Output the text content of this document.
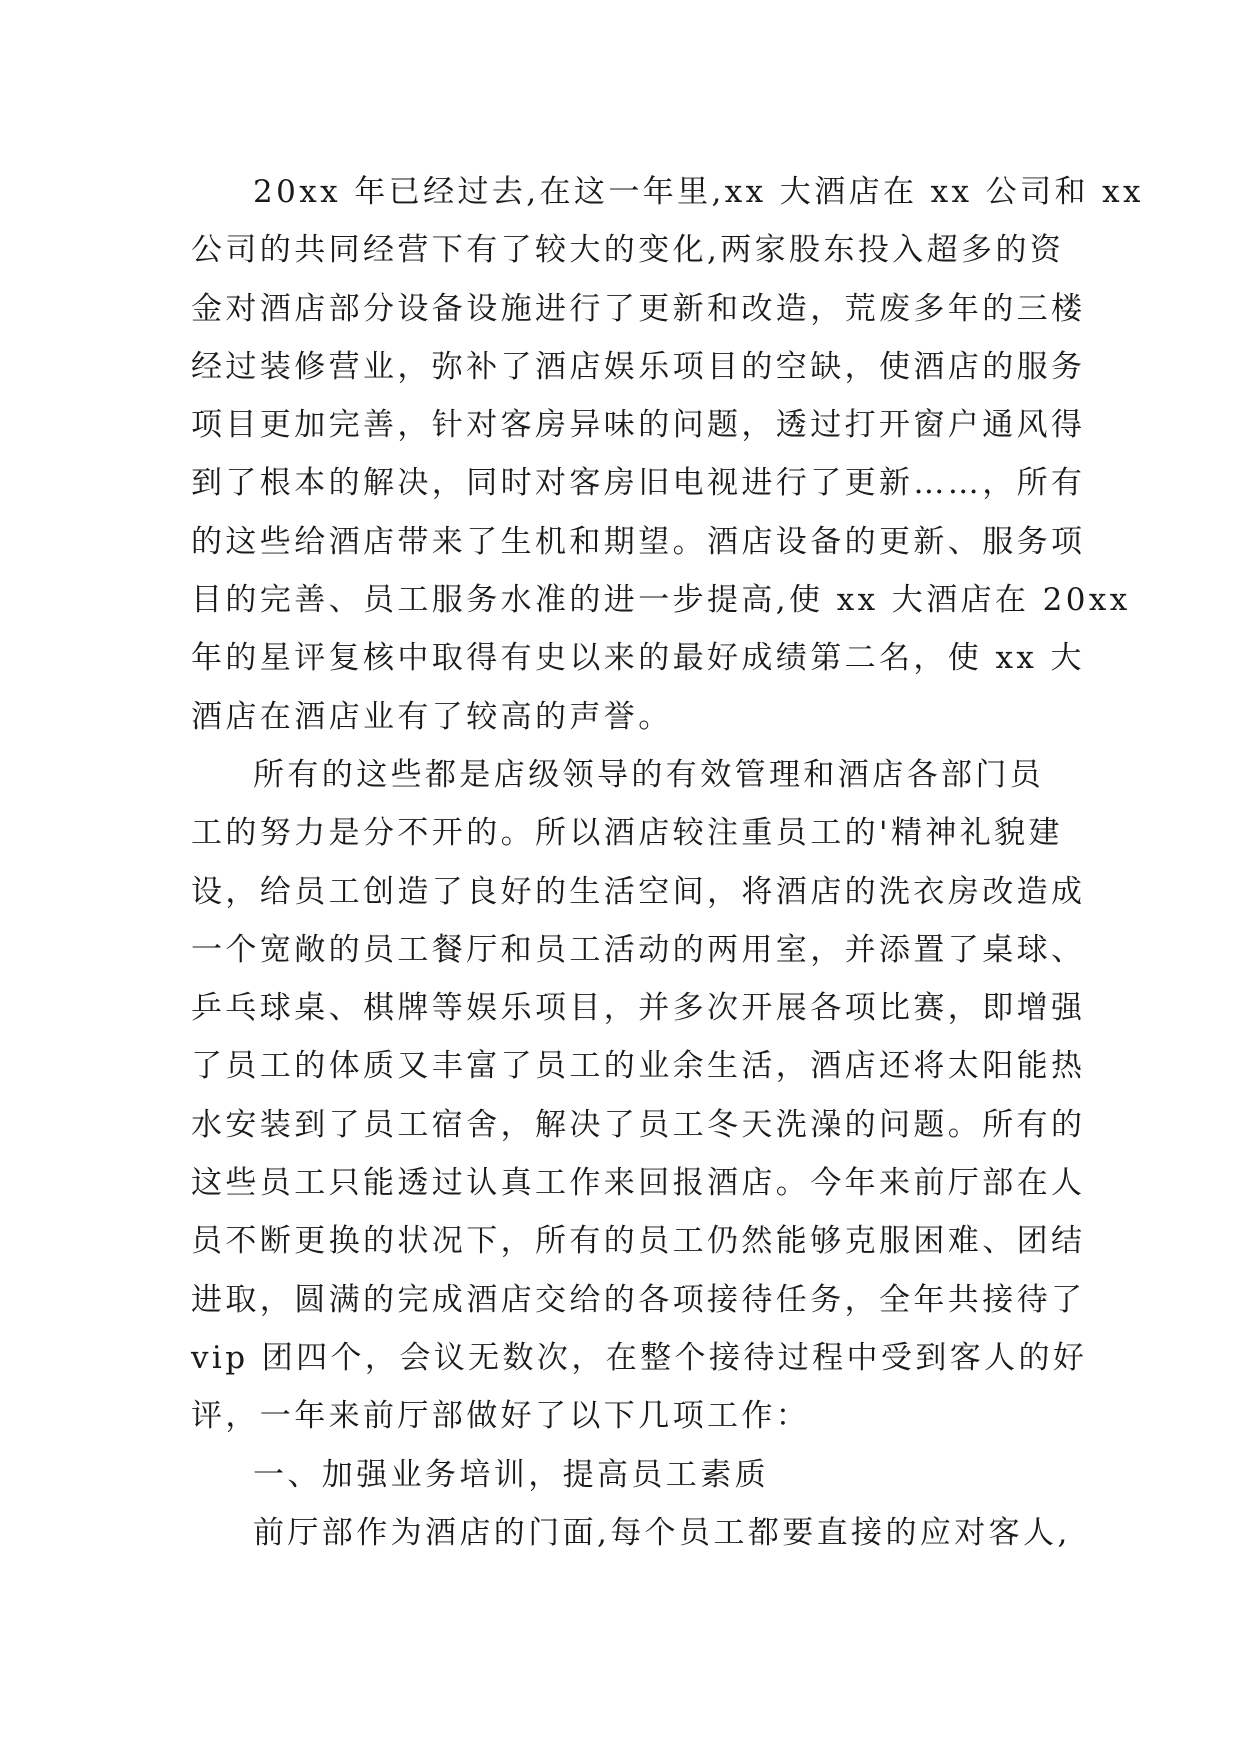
20xx 年已经过去,在这一年里,xx 大酒店在 xx 公司和 xx
公司的共同经营下有了较大的变化,两家股东投入超多的资
金对酒店部分设备设施进行了更新和改造，荒废多年的三楼
经过装修营业，弥补了酒店娱乐项目的空缺，使酒店的服务
项目更加完善，针对客房异味的问题，透过打开窗户通风得
到了根本的解决，同时对客房旧电视进行了更新……，所有
的这些给酒店带来了生机和期望。酒店设备的更新、服务项
目的完善、员工服务水准的进一步提高,使 xx 大酒店在 20xx
年的星评复核中取得有史以来的最好成绩第二名，使 xx 大
酒店在酒店业有了较高的声誉。
所有的这些都是店级领导的有效管理和酒店各部门员
工的努力是分不开的。所以酒店较注重员工的'精神礼貌建
设，给员工创造了良好的生活空间，将酒店的洗衣房改造成
一个宽敞的员工餐厅和员工活动的两用室，并添置了桌球、
乒乓球桌、棋牌等娱乐项目，并多次开展各项比赛，即增强
了员工的体质又丰富了员工的业余生活，酒店还将太阳能热
水安装到了员工宿舍，解决了员工冬天洗澡的问题。所有的
这些员工只能透过认真工作来回报酒店。今年来前厅部在人
员不断更换的状况下，所有的员工仍然能够克服困难、团结
进取，圆满的完成酒店交给的各项接待任务，全年共接待了
vip 团四个，会议无数次，在整个接待过程中受到客人的好
评，一年来前厅部做好了以下几项工作：
一、加强业务培训，提高员工素质
前厅部作为酒店的门面,每个员工都要直接的应对客人,
